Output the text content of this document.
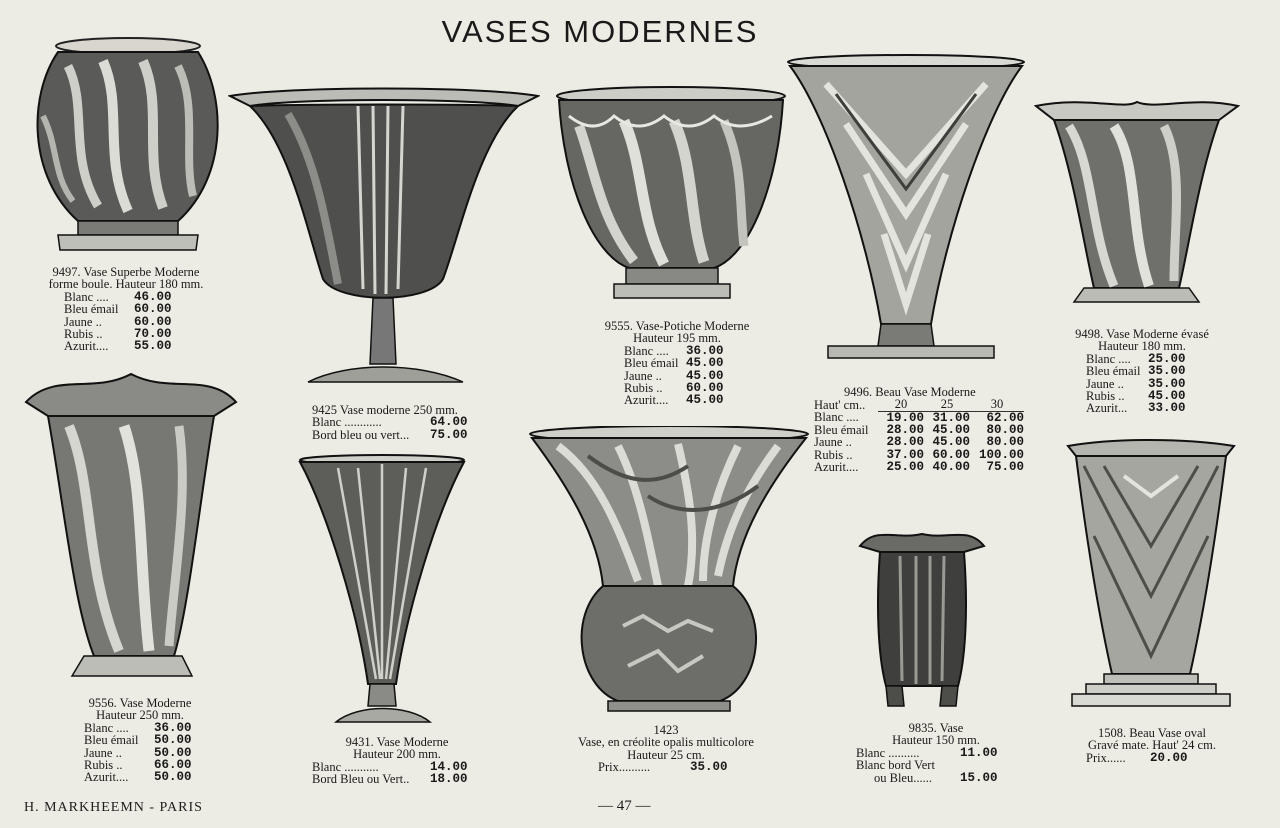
VASES MODERNES
9497. Vase Superbe Moderne
forme boule. Hauteur 180 mm.
Blanc ....	46.00
Bleu émail	60.00
Jaune ..	60.00
Rubis ..	70.00
Azurit....	55.00
9425 Vase moderne 250 mm.
Blanc ............	64.00
Bord bleu ou vert...	75.00
9555. Vase-Potiche Moderne
Hauteur 195 mm.
Blanc ....	36.00
Bleu émail 45.00
Jaune ..	45.00
Rubis ..	60.00
Azurit....	45.00
9496. Beau Vase Moderne
Haut' cm..	20	25	30
Blanc ....	19.00	31.00	62.00
Bleu émail	28.00	45.00	80.00
Jaune ..	28.00	45.00	80.00
Rubis ..	37.00	60.00	100.00
Azurit....	25.00	40.00	75.00
9498. Vase Moderne évasé
Hauteur 180 mm.
Blanc ....	25.00
Bleu émail 35.00
Jaune ..	35.00
Rubis ..	45.00
Azurit...	33.00
9556. Vase Moderne
Hauteur 250 mm.
Blanc ....	36.00
Bleu émail	50.00
Jaune ..	50.00
Rubis ..	66.00
Azurit....	50.00
9431. Vase Moderne
Hauteur 200 mm.
Blanc ...........	14.00
Bord Bleu ou Vert..	18.00
1423
Vase, en créolite opalis multicolore
Hauteur 25 cm.
Prix..........	35.00
9835. Vase
Hauteur 150 mm.
Blanc ..........	11.00
Blanc bord Vert
ou Bleu......	15.00
1508. Beau Vase oval
Gravé mate. Haut' 24 cm.
Prix......	20.00
H. MARKHEEMN - PARIS	— 47 —
